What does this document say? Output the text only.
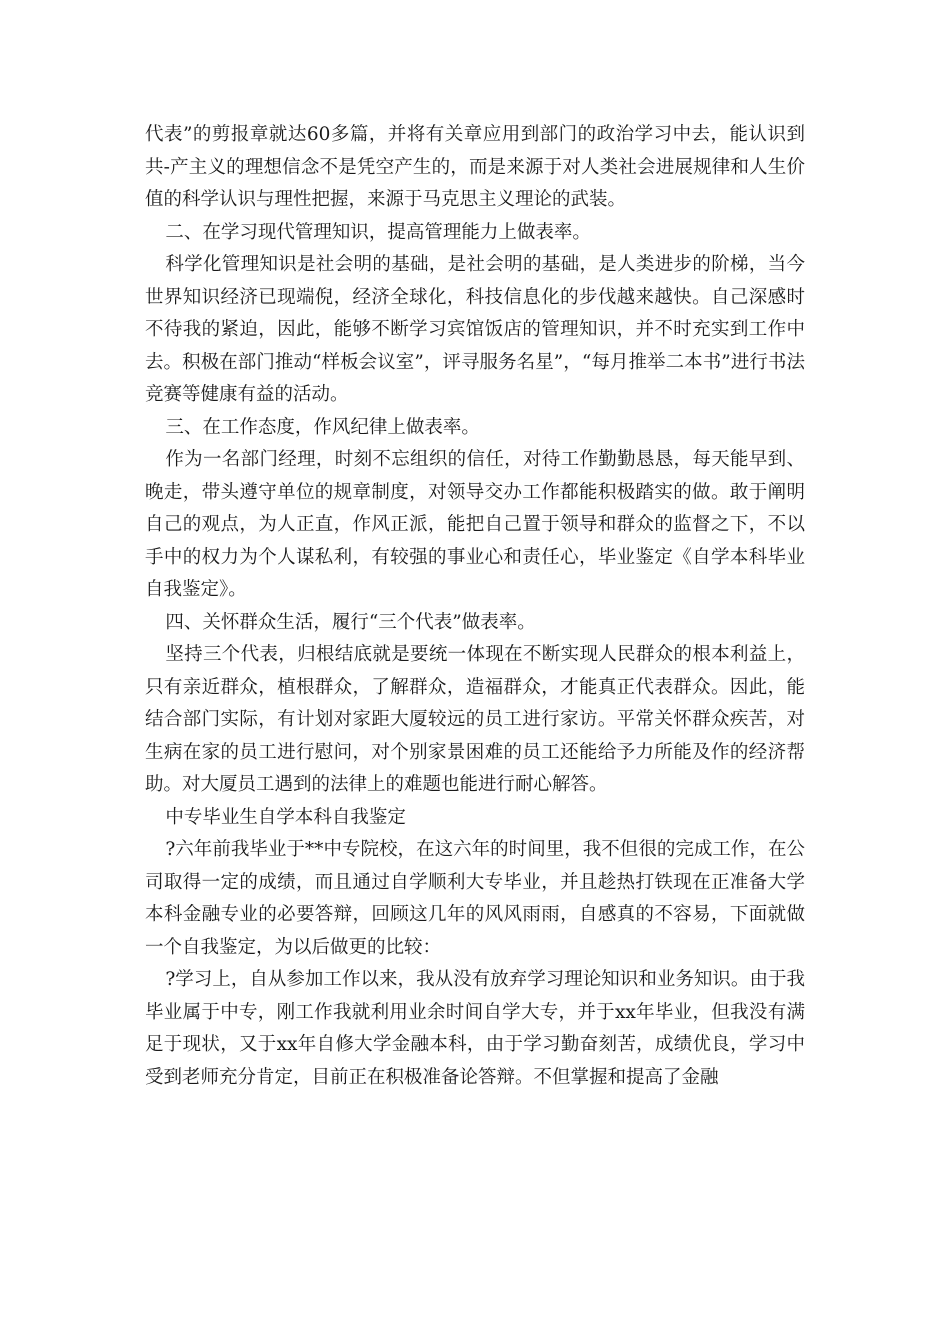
代表”的剪报章就达60多篇，并将有关章应用到部门的政治学习中去，能认识到共-产主义的理想信念不是凭空产生的，而是来源于对人类社会进展规律和人生价值的科学认识与理性把握，来源于马克思主义理论的武装。

二、在学习现代管理知识，提高管理能力上做表率。

科学化管理知识是社会明的基础，是社会明的基础，是人类进步的阶梯，当今世界知识经济已现端倪，经济全球化，科技信息化的步伐越来越快。自己深感时不待我的紧迫，因此，能够不断学习宾馆饭店的管理知识，并不时充实到工作中去。积极在部门推动“样板会议室”，评寻服务名星”，“每月推举二本书”进行书法竞赛等健康有益的活动。

三、在工作态度，作风纪律上做表率。

作为一名部门经理，时刻不忘组织的信任，对待工作勤勤恳恳，每天能早到、晚走，带头遵守单位的规章制度，对领导交办工作都能积极踏实的做。敢于阐明自己的观点，为人正直，作风正派，能把自己置于领导和群众的监督之下，不以手中的权力为个人谋私利，有较强的事业心和责任心，毕业鉴定《自学本科毕业自我鉴定》。

四、关怀群众生活，履行“三个代表”做表率。

坚持三个代表，归根结底就是要统一体现在不断实现人民群众的根本利益上，只有亲近群众，植根群众，了解群众，造福群众，才能真正代表群众。因此，能结合部门实际，有计划对家距大厦较远的员工进行家访。平常关怀群众疾苦，对生病在家的员工进行慰问，对个别家景困难的员工还能给予力所能及作的经济帮助。对大厦员工遇到的法律上的难题也能进行耐心解答。

中专毕业生自学本科自我鉴定

?六年前我毕业于**中专院校，在这六年的时间里，我不但很的完成工作，在公司取得一定的成绩，而且通过自学顺利大专毕业，并且趁热打铁现在正准备大学本科金融专业的必要答辩，回顾这几年的风风雨雨，自感真的不容易，下面就做一个自我鉴定，为以后做更的比较：

?学习上，自从参加工作以来，我从没有放弃学习理论知识和业务知识。由于我毕业属于中专，刚工作我就利用业余时间自学大专，并于xx年毕业，但我没有满足于现状，又于xx年自修大学金融本科，由于学习勤奋刻苦，成绩优良，学习中受到老师充分肯定，目前正在积极准备论答辩。不但掌握和提高了金融
